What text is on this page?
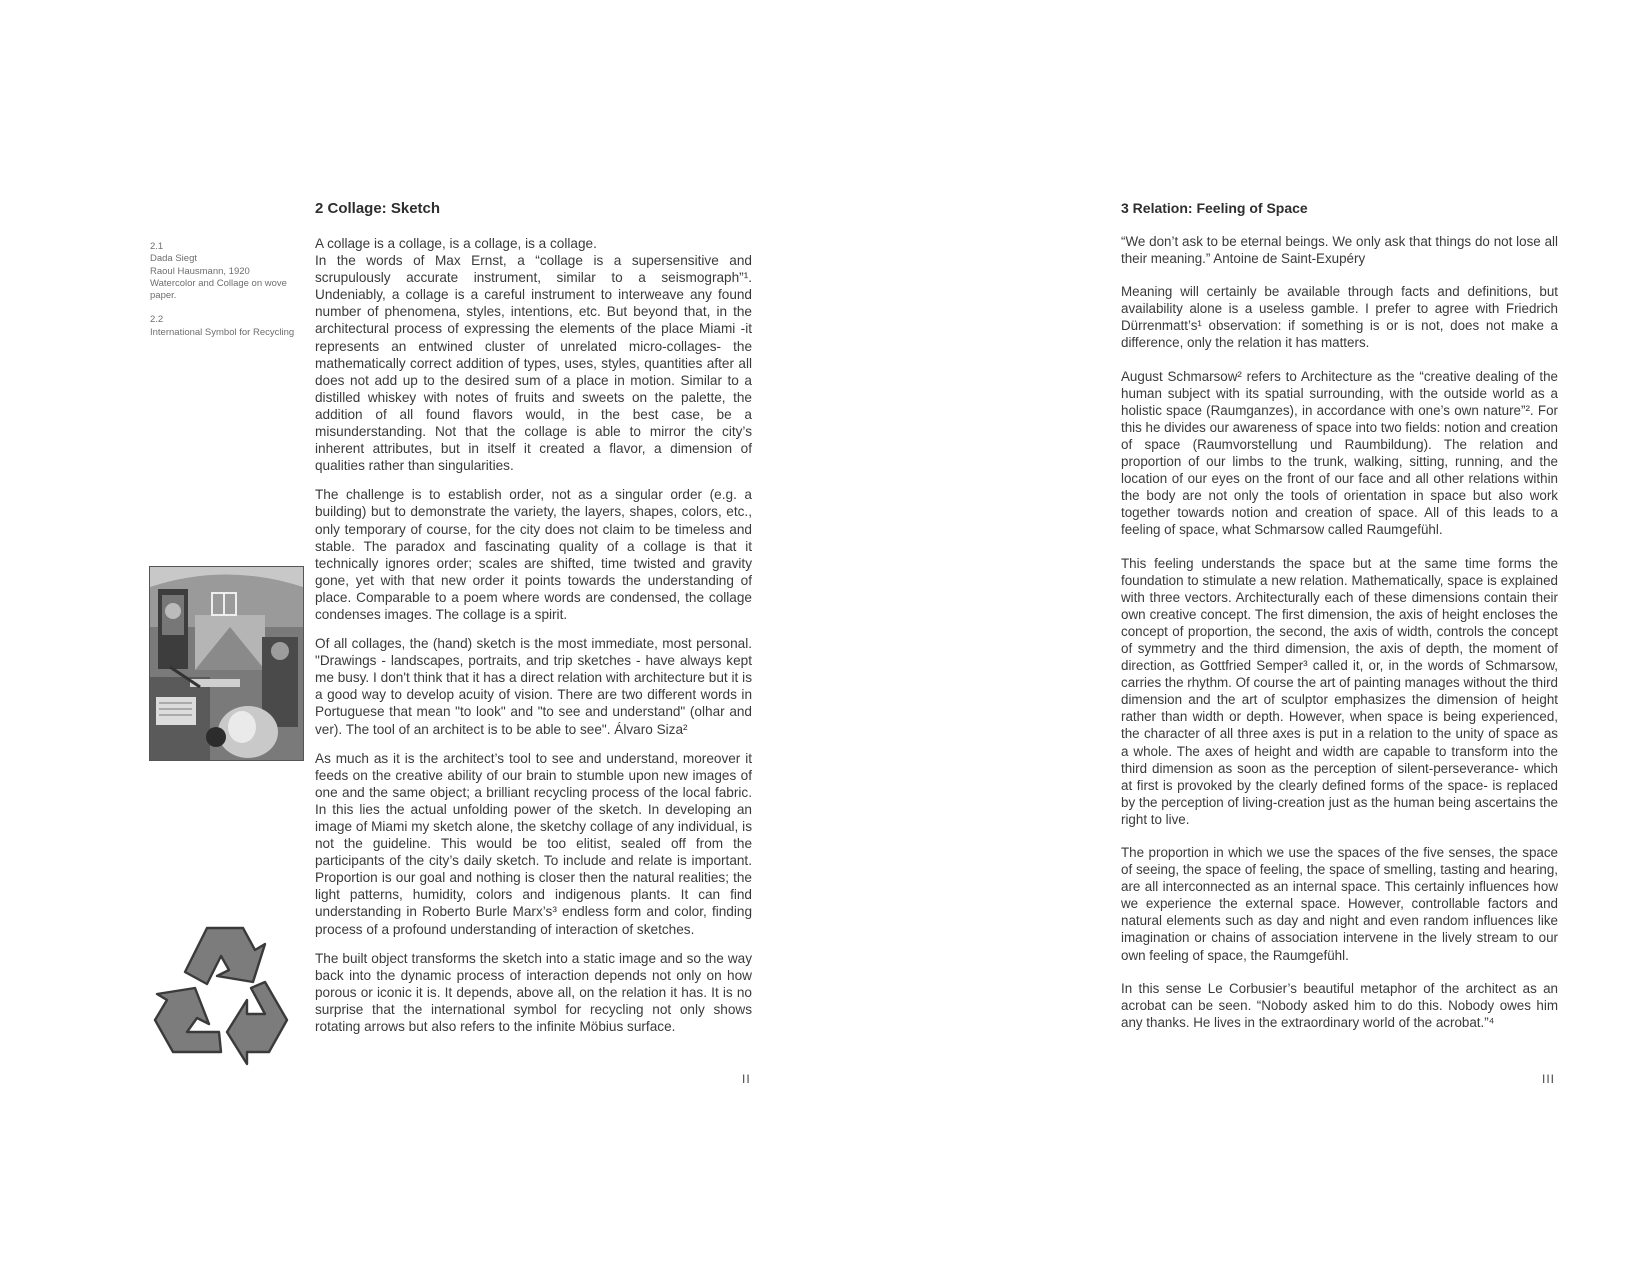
2 Collage: Sketch
2.1
Dada Siegt
Raoul Hausmann, 1920
Watercolor and Collage on wove
paper.
2.2
International Symbol for Recycling

A collage is a collage, is a collage, is a collage.
In the words of Max Ernst, a “collage is a supersensitive and scrupulously accurate instrument, similar to a seismograph”¹. Undeniably, a collage is a careful instrument to interweave any found number of phenomena, styles, intentions, etc. But beyond that, in the architectural process of expressing the elements of the place Miami -it represents an entwined cluster of unrelated micro-collages- the mathematically correct addition of types, uses, styles, quantities after all does not add up to the desired sum of a place in motion. Similar to a distilled whiskey with notes of fruits and sweets on the palette, the addition of all found flavors would, in the best case, be a misunderstanding. Not that the collage is able to mirror the city’s inherent attributes, but in itself it created a flavor, a dimension of qualities rather than singularities.

The challenge is to establish order, not as a singular order (e.g. a building) but to demonstrate the variety, the layers, shapes, colors, etc., only temporary of course, for the city does not claim to be timeless and stable. The paradox and fascinating quality of a collage is that it technically ignores order; scales are shifted, time twisted and gravity gone, yet with that new order it points towards the understanding of place. Comparable to a poem where words are condensed, the collage condenses images. The collage is a spirit.

Of all collages, the (hand) sketch is the most immediate, most personal. "Drawings - landscapes, portraits, and trip sketches - have always kept me busy. I don't think that it has a direct relation with architecture but it is a good way to develop acuity of vision. There are two different words in Portuguese that mean "to look" and "to see and understand" (olhar and ver). The tool of an architect is to be able to see". Álvaro Siza²

As much as it is the architect’s tool to see and understand, moreover it feeds on the creative ability of our brain to stumble upon new images of one and the same object; a brilliant recycling process of the local fabric. In this lies the actual unfolding power of the sketch. In developing an image of Miami my sketch alone, the sketchy collage of any individual, is not the guideline. This would be too elitist, sealed off from the participants of the city’s daily sketch. To include and relate is important. Proportion is our goal and nothing is closer then the natural realities; the light patterns, humidity, colors and indigenous plants. It can find understanding in Roberto Burle Marx’s³ endless form and color, finding process of a profound understanding of interaction of sketches.

The built object transforms the sketch into a static image and so the way back into the dynamic process of interaction depends not only on how porous or iconic it is. It depends, above all, on the relation it has. It is no surprise that the international symbol for recycling not only shows rotating arrows but also refers to the infinite Möbius surface.

II
3 Relation: Feeling of Space

“We don’t ask to be eternal beings. We only ask that things do not lose all their meaning.” Antoine de Saint-Exupéry

Meaning will certainly be available through facts and definitions, but availability alone is a useless gamble. I prefer to agree with Friedrich Dürrenmatt’s¹ observation: if something is or is not, does not make a difference, only the relation it has matters.

August Schmarsow² refers to Architecture as the “creative dealing of the human subject with its spatial surrounding, with the outside world as a holistic space (Raumganzes), in accordance with one’s own nature”². For this he divides our awareness of space into two fields: notion and creation of space (Raumvorstellung und Raumbildung). The relation and proportion of our limbs to the trunk, walking, sitting, running, and the location of our eyes on the front of our face and all other relations within the body are not only the tools of orientation in space but also work together towards notion and creation of space. All of this leads to a feeling of space, what Schmarsow called Raumgefühl.

This feeling understands the space but at the same time forms the foundation to stimulate a new relation. Mathematically, space is explained with three vectors. Architecturally each of these dimensions contain their own creative concept. The first dimension, the axis of height encloses the concept of proportion, the second, the axis of width, controls the concept of symmetry and the third dimension, the axis of depth, the moment of direction, as Gottfried Semper³ called it, or, in the words of Schmarsow, carries the rhythm. Of course the art of painting manages without the third dimension and the art of sculptor emphasizes the dimension of height rather than width or depth. However, when space is being experienced, the character of all three axes is put in a relation to the unity of space as a whole. The axes of height and width are capable to transform into the third dimension as soon as the perception of silent-perseverance- which at first is provoked by the clearly defined forms of the space- is replaced by the perception of living-creation just as the human being ascertains the right to live.

The proportion in which we use the spaces of the five senses, the space of seeing, the space of feeling, the space of smelling, tasting and hearing, are all interconnected as an internal space. This certainly influences how we experience the external space. However, controllable factors and natural elements such as day and night and even random influences like imagination or chains of association intervene in the lively stream to our own feeling of space, the Raumgefühl.

In this sense Le Corbusier’s beautiful metaphor of the architect as an acrobat can be seen. “Nobody asked him to do this. Nobody owes him any thanks. He lives in the extraordinary world of the acrobat.”⁴

III
